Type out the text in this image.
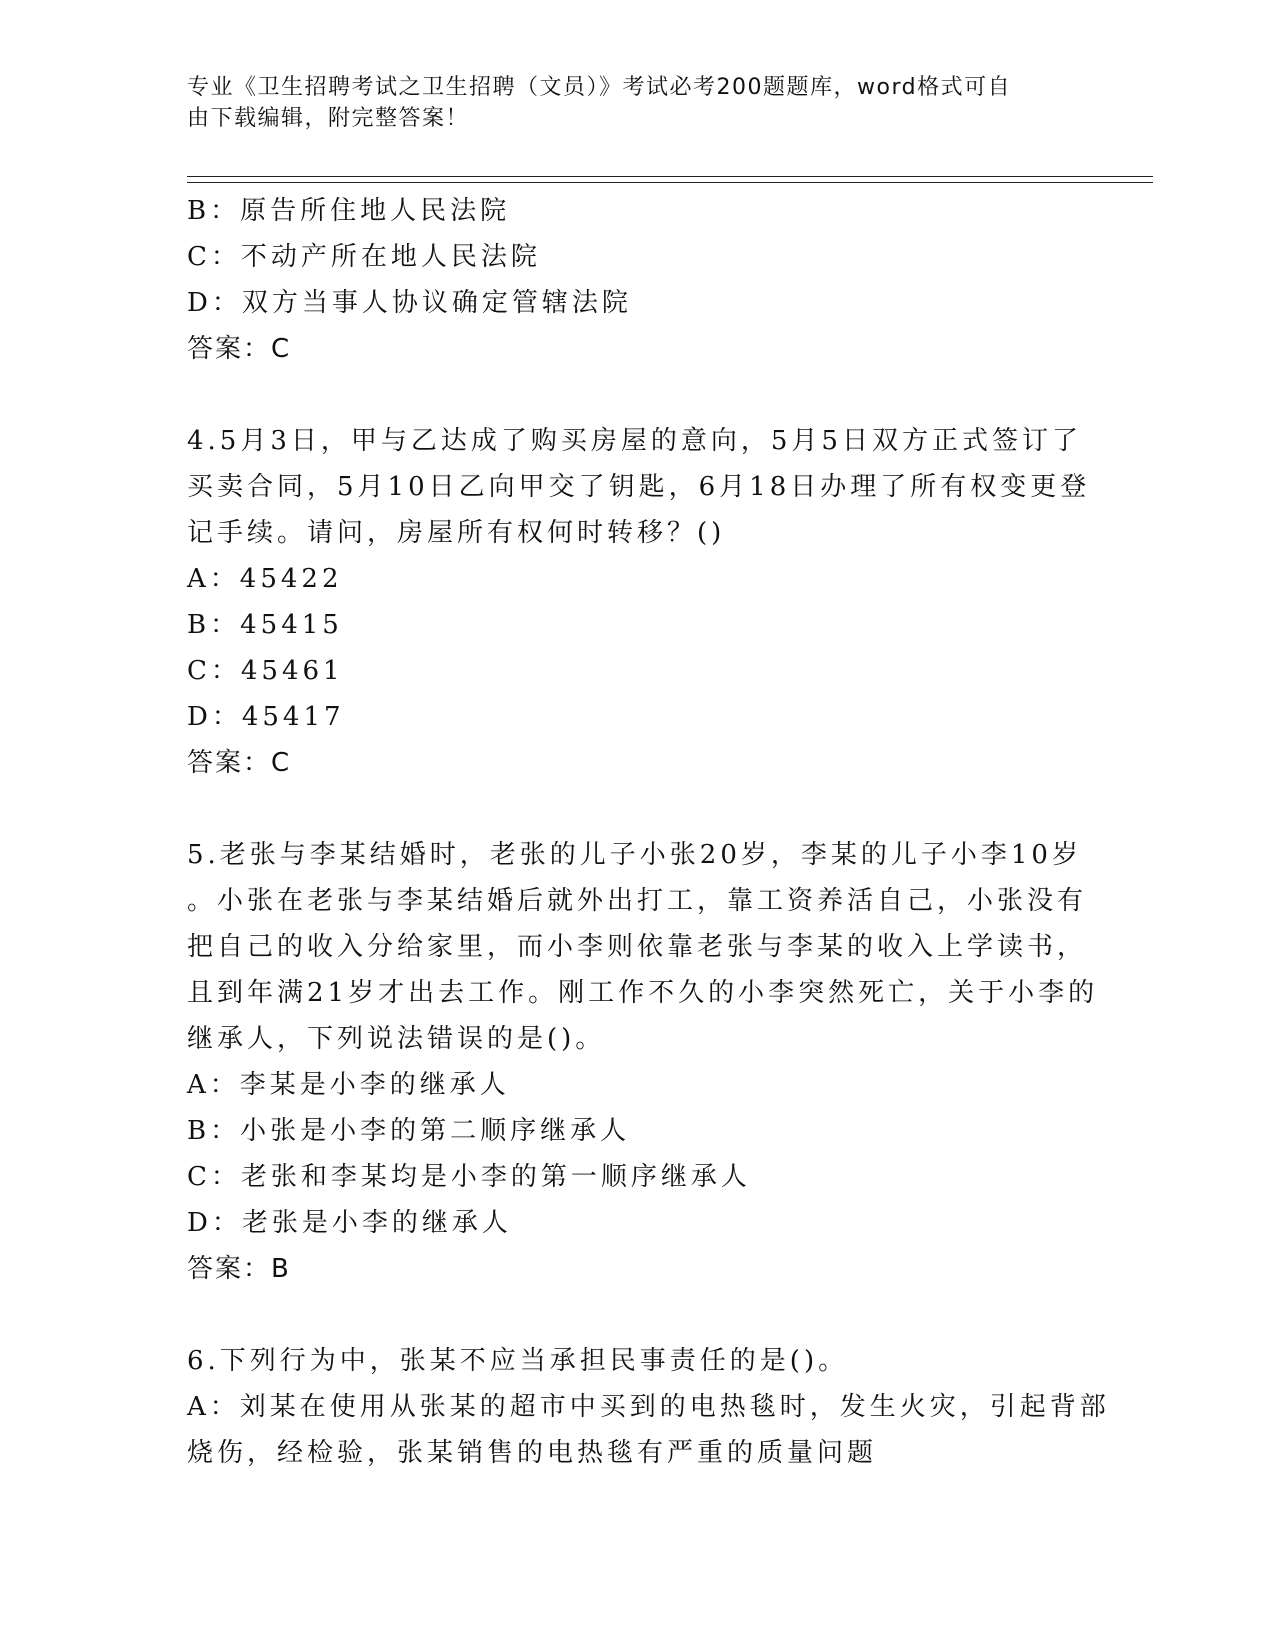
专业《卫生招聘考试之卫生招聘（文员）》考试必考200题题库，word格式可自
由下载编辑，附完整答案！

B：原告所住地人民法院

C：不动产所在地人民法院

D：双方当事人协议确定管辖法院

答案：C

4.5月3日，甲与乙达成了购买房屋的意向，5月5日双方正式签订了

买卖合同，5月10日乙向甲交了钥匙，6月18日办理了所有权变更登

记手续。请问，房屋所有权何时转移？()

A：45422

B：45415

C：45461

D：45417

答案：C

5.老张与李某结婚时，老张的儿子小张20岁，李某的儿子小李10岁

。小张在老张与李某结婚后就外出打工，靠工资养活自己，小张没有

把自己的收入分给家里，而小李则依靠老张与李某的收入上学读书，

且到年满21岁才出去工作。刚工作不久的小李突然死亡，关于小李的

继承人，下列说法错误的是()。

A：李某是小李的继承人

B：小张是小李的第二顺序继承人

C：老张和李某均是小李的第一顺序继承人

D：老张是小李的继承人

答案：B

6.下列行为中，张某不应当承担民事责任的是()。

A：刘某在使用从张某的超市中买到的电热毯时，发生火灾，引起背部

烧伤，经检验，张某销售的电热毯有严重的质量问题
